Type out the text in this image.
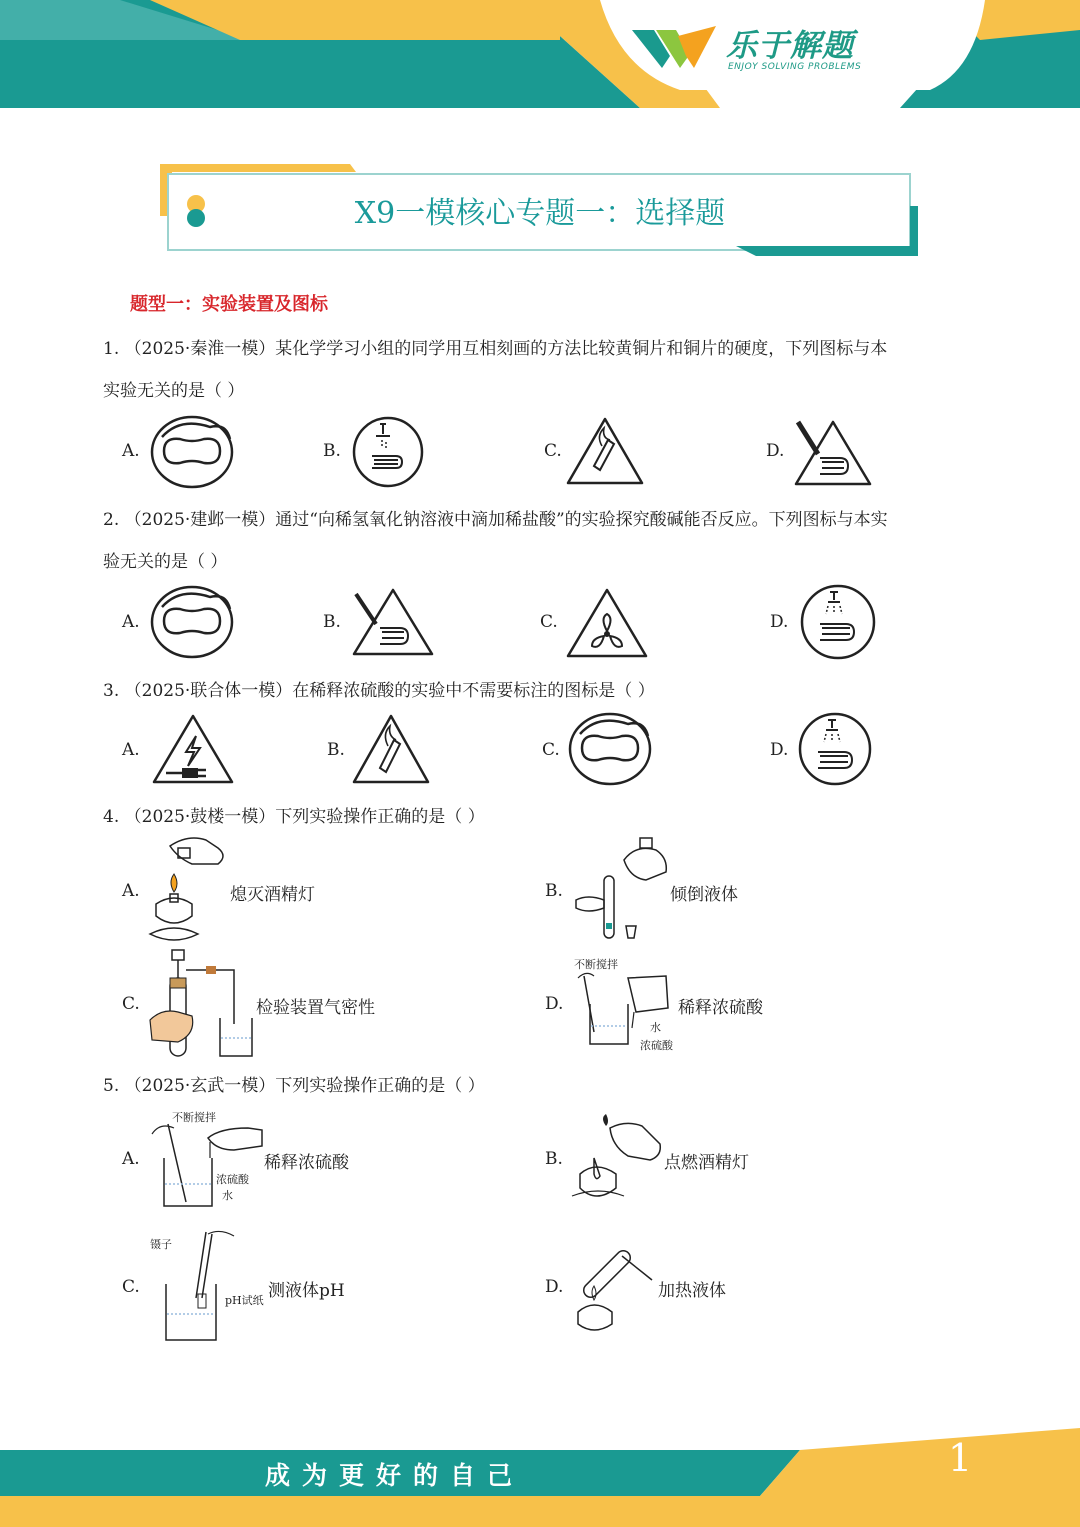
乐于解题
ENJOY SOLVING PROBLEMS
X9一模核心专题一：选择题
题型一：实验装置及图标
1. （2025·秦淮一模）某化学学习小组的同学用互相刻画的方法比较黄铜片和铜片的硬度，下列图标与本
实验无关的是（ ）
A.	B.	C.	D.
2. （2025·建邺一模）通过“向稀氢氧化钠溶液中滴加稀盐酸”的实验探究酸碱能否反应。下列图标与本实
验无关的是（ ）
A.	B.	C.	D.
3. （2025·联合体一模）在稀释浓硫酸的实验中不需要标注的图标是（ ）
A.	B.	C.	D.
4. （2025·鼓楼一模）下列实验操作正确的是（ ）
A.	B.
C.	D.
熄灭酒精灯	倾倒液体
检验装置气密性	稀释浓硫酸
不断搅拌
水
浓硫酸
5. （2025·玄武一模）下列实验操作正确的是（ ）
A.	B.
C.	D.
稀释浓硫酸	点燃酒精灯
测液体pH	加热液体
不断搅拌
浓硫酸
水
镊子
pH试纸
成为更好的自己	1
